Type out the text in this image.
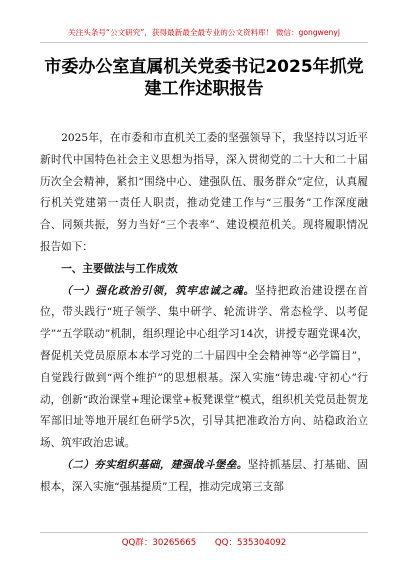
关注头条号“公文研究”，获得最新最全最专业的公文资料库！ 微信：gongwenyj
市委办公室直属机关党委书记2025年抓党建工作述职报告

2025年，在市委和市直机关工委的坚强领导下，我坚持以习近平新时代中国特色社会主义思想为指导，深入贯彻党的二十大和二十届历次全会精神，紧扣“围绕中心、建强队伍、服务群众”定位，认真履行机关党建第一责任人职责，推动党建工作与“三服务”工作深度融合、同频共振，努力当好“三个表率”、建设模范机关。现将履职情况报告如下：

一、主要做法与工作成效

（一）强化政治引领，筑牢忠诚之魂。坚持把政治建设摆在首位，带头践行“班子领学、集中研学、轮流讲学、常态检学、以考促学”“五学联动”机制，组织理论中心组学习14次，讲授专题党课4次，督促机关党员原原本本学习党的二十届四中全会精神等“必学篇目”，自觉践行做到“两个维护”的思想根基。深入实施“铸忠魂·守初心”行动，创新“政治课堂+理论课堂+板凳课堂”模式，组织机关党员赴贺龙军部旧址等地开展红色研学5次，引导其把准政治方向、站稳政治立场、筑牢政治忠诚。

（二）夯实组织基础，建强战斗堡垒。坚持抓基层、打基础、固根本，深入实施“强基提质”工程，推动完成第三支部

QQ群：30265665 QQ：535304092
